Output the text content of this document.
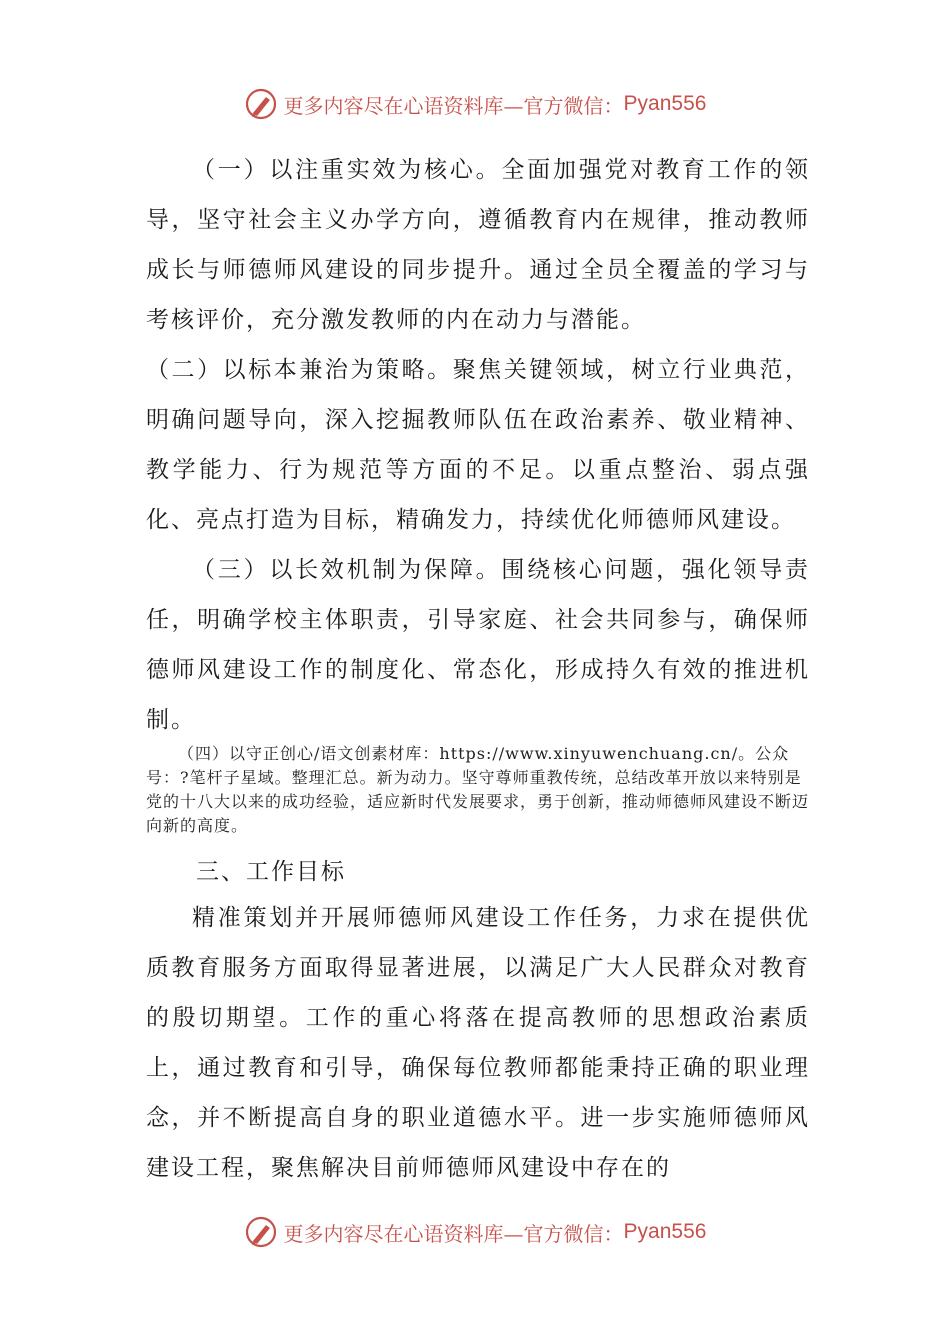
更多内容尽在心语资料库—官方微信： Pyan556

（一）以注重实效为核心。全面加强党对教育工作的领导，坚守社会主义办学方向，遵循教育内在规律，推动教师成长与师德师风建设的同步提升。通过全员全覆盖的学习与考核评价，充分激发教师的内在动力与潜能。

（二）以标本兼治为策略。聚焦关键领域，树立行业典范，明确问题导向，深入挖掘教师队伍在政治素养、敬业精神、教学能力、行为规范等方面的不足。以重点整治、弱点强化、亮点打造为目标，精确发力，持续优化师德师风建设。

（三）以长效机制为保障。围绕核心问题，强化领导责任，明确学校主体职责，引导家庭、社会共同参与，确保师德师风建设工作的制度化、常态化，形成持久有效的推进机制。

（四）以守正创心/语文创素材库：https://www.xinyuwenchuang.cn/。公众号：?笔杆子星域。整理汇总。新为动力。坚守尊师重教传统，总结改革开放以来特别是党的十八大以来的成功经验，适应新时代发展要求，勇于创新，推动师德师风建设不断迈向新的高度。

三、工作目标

精准策划并开展师德师风建设工作任务，力求在提供优质教育服务方面取得显著进展，以满足广大人民群众对教育的殷切期望。工作的重心将落在提高教师的思想政治素质上，通过教育和引导，确保每位教师都能秉持正确的职业理念，并不断提高自身的职业道德水平。进一步实施师德师风建设工程，聚焦解决目前师德师风建设中存在的

更多内容尽在心语资料库—官方微信： Pyan556
